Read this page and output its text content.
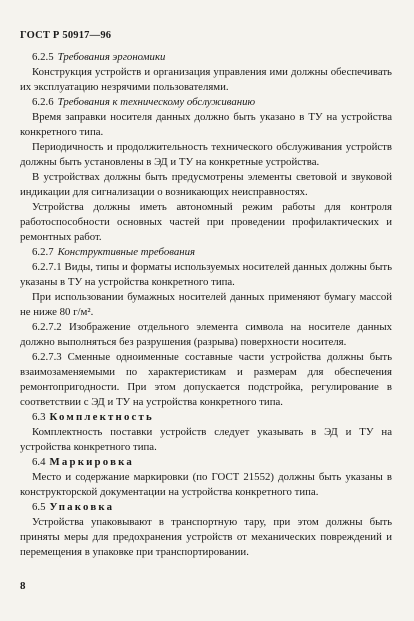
ГОСТ Р 50917—96

6.2.5 Требования эргономики

Конструкция устройств и организация управления ими должны обеспечивать их эксплуатацию незрячими пользователями.

6.2.6 Требования к техническому обслуживанию

Время заправки носителя данных должно быть указано в ТУ на устройства конкретного типа.

Периодичность и продолжительность технического обслуживания устройств должны быть установлены в ЭД и ТУ на конкретные устройства.

В устройствах должны быть предусмотрены элементы световой и звуковой индикации для сигнализации о возникающих неисправностях.

Устройства должны иметь автономный режим работы для контроля работоспособности основных частей при проведении профилактических и ремонтных работ.

6.2.7 Конструктивные требования

6.2.7.1 Виды, типы и форматы используемых носителей данных должны быть указаны в ТУ на устройства конкретного типа.

При использовании бумажных носителей данных применяют бумагу массой не ниже 80 г/м².

6.2.7.2 Изображение отдельного элемента символа на носителе данных должно выполняться без разрушения (разрыва) поверхности носителя.

6.2.7.3 Сменные одноименные составные части устройства должны быть взаимозаменяемыми по характеристикам и размерам для обеспечения ремонтопригодности. При этом допускается подстройка, регулирование в соответствии с ЭД и ТУ на устройства конкретного типа.

6.3 Комплектность

Комплектность поставки устройств следует указывать в ЭД и ТУ на устройства конкретного типа.

6.4 Маркировка

Место и содержание маркировки (по ГОСТ 21552) должны быть указаны в конструкторской документации на устройства конкретного типа.

6.5 Упаковка

Устройства упаковывают в транспортную тару, при этом должны быть приняты меры для предохранения устройств от механических повреждений и перемещения в упаковке при транспортировании.

8
